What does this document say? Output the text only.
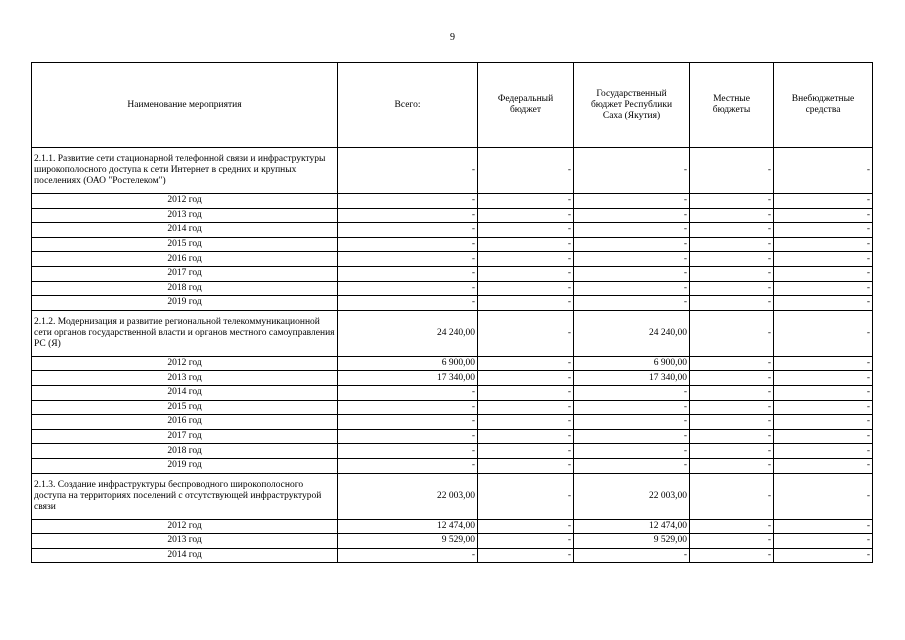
9
Наименование мероприятия	Всего:	Федеральный бюджет	Государственный бюджет Республики Саха (Якутия)	Местные бюджеты	Внебюджетные средства
2.1.1. Развитие сети стационарной телефонной связи и инфраструктуры широкополосного доступа к сети Интернет в средних и крупных поселениях (ОАО "Ростелеком")	-	-	-	-	-
2012 год	-	-	-	-	-
2013 год	-	-	-	-	-
2014 год	-	-	-	-	-
2015 год	-	-	-	-	-
2016 год	-	-	-	-	-
2017 год	-	-	-	-	-
2018 год	-	-	-	-	-
2019 год	-	-	-	-	-
2.1.2. Модернизация и развитие региональной телекоммуникационной сети органов государственной власти и органов местного самоуправления РС (Я)	24 240,00	-	24 240,00	-	-
2012 год	6 900,00	-	6 900,00	-	-
2013 год	17 340,00	-	17 340,00	-	-
2014 год	-	-	-	-	-
2015 год	-	-	-	-	-
2016 год	-	-	-	-	-
2017 год	-	-	-	-	-
2018 год	-	-	-	-	-
2019 год	-	-	-	-	-
2.1.3. Создание инфраструктуры беспроводного широкополосного доступа на территориях поселений с отсутствующей инфраструктурой связи	22 003,00	-	22 003,00	-	-
2012 год	12 474,00	-	12 474,00	-	-
2013 год	9 529,00	-	9 529,00	-	-
2014 год	-	-	-	-	-
